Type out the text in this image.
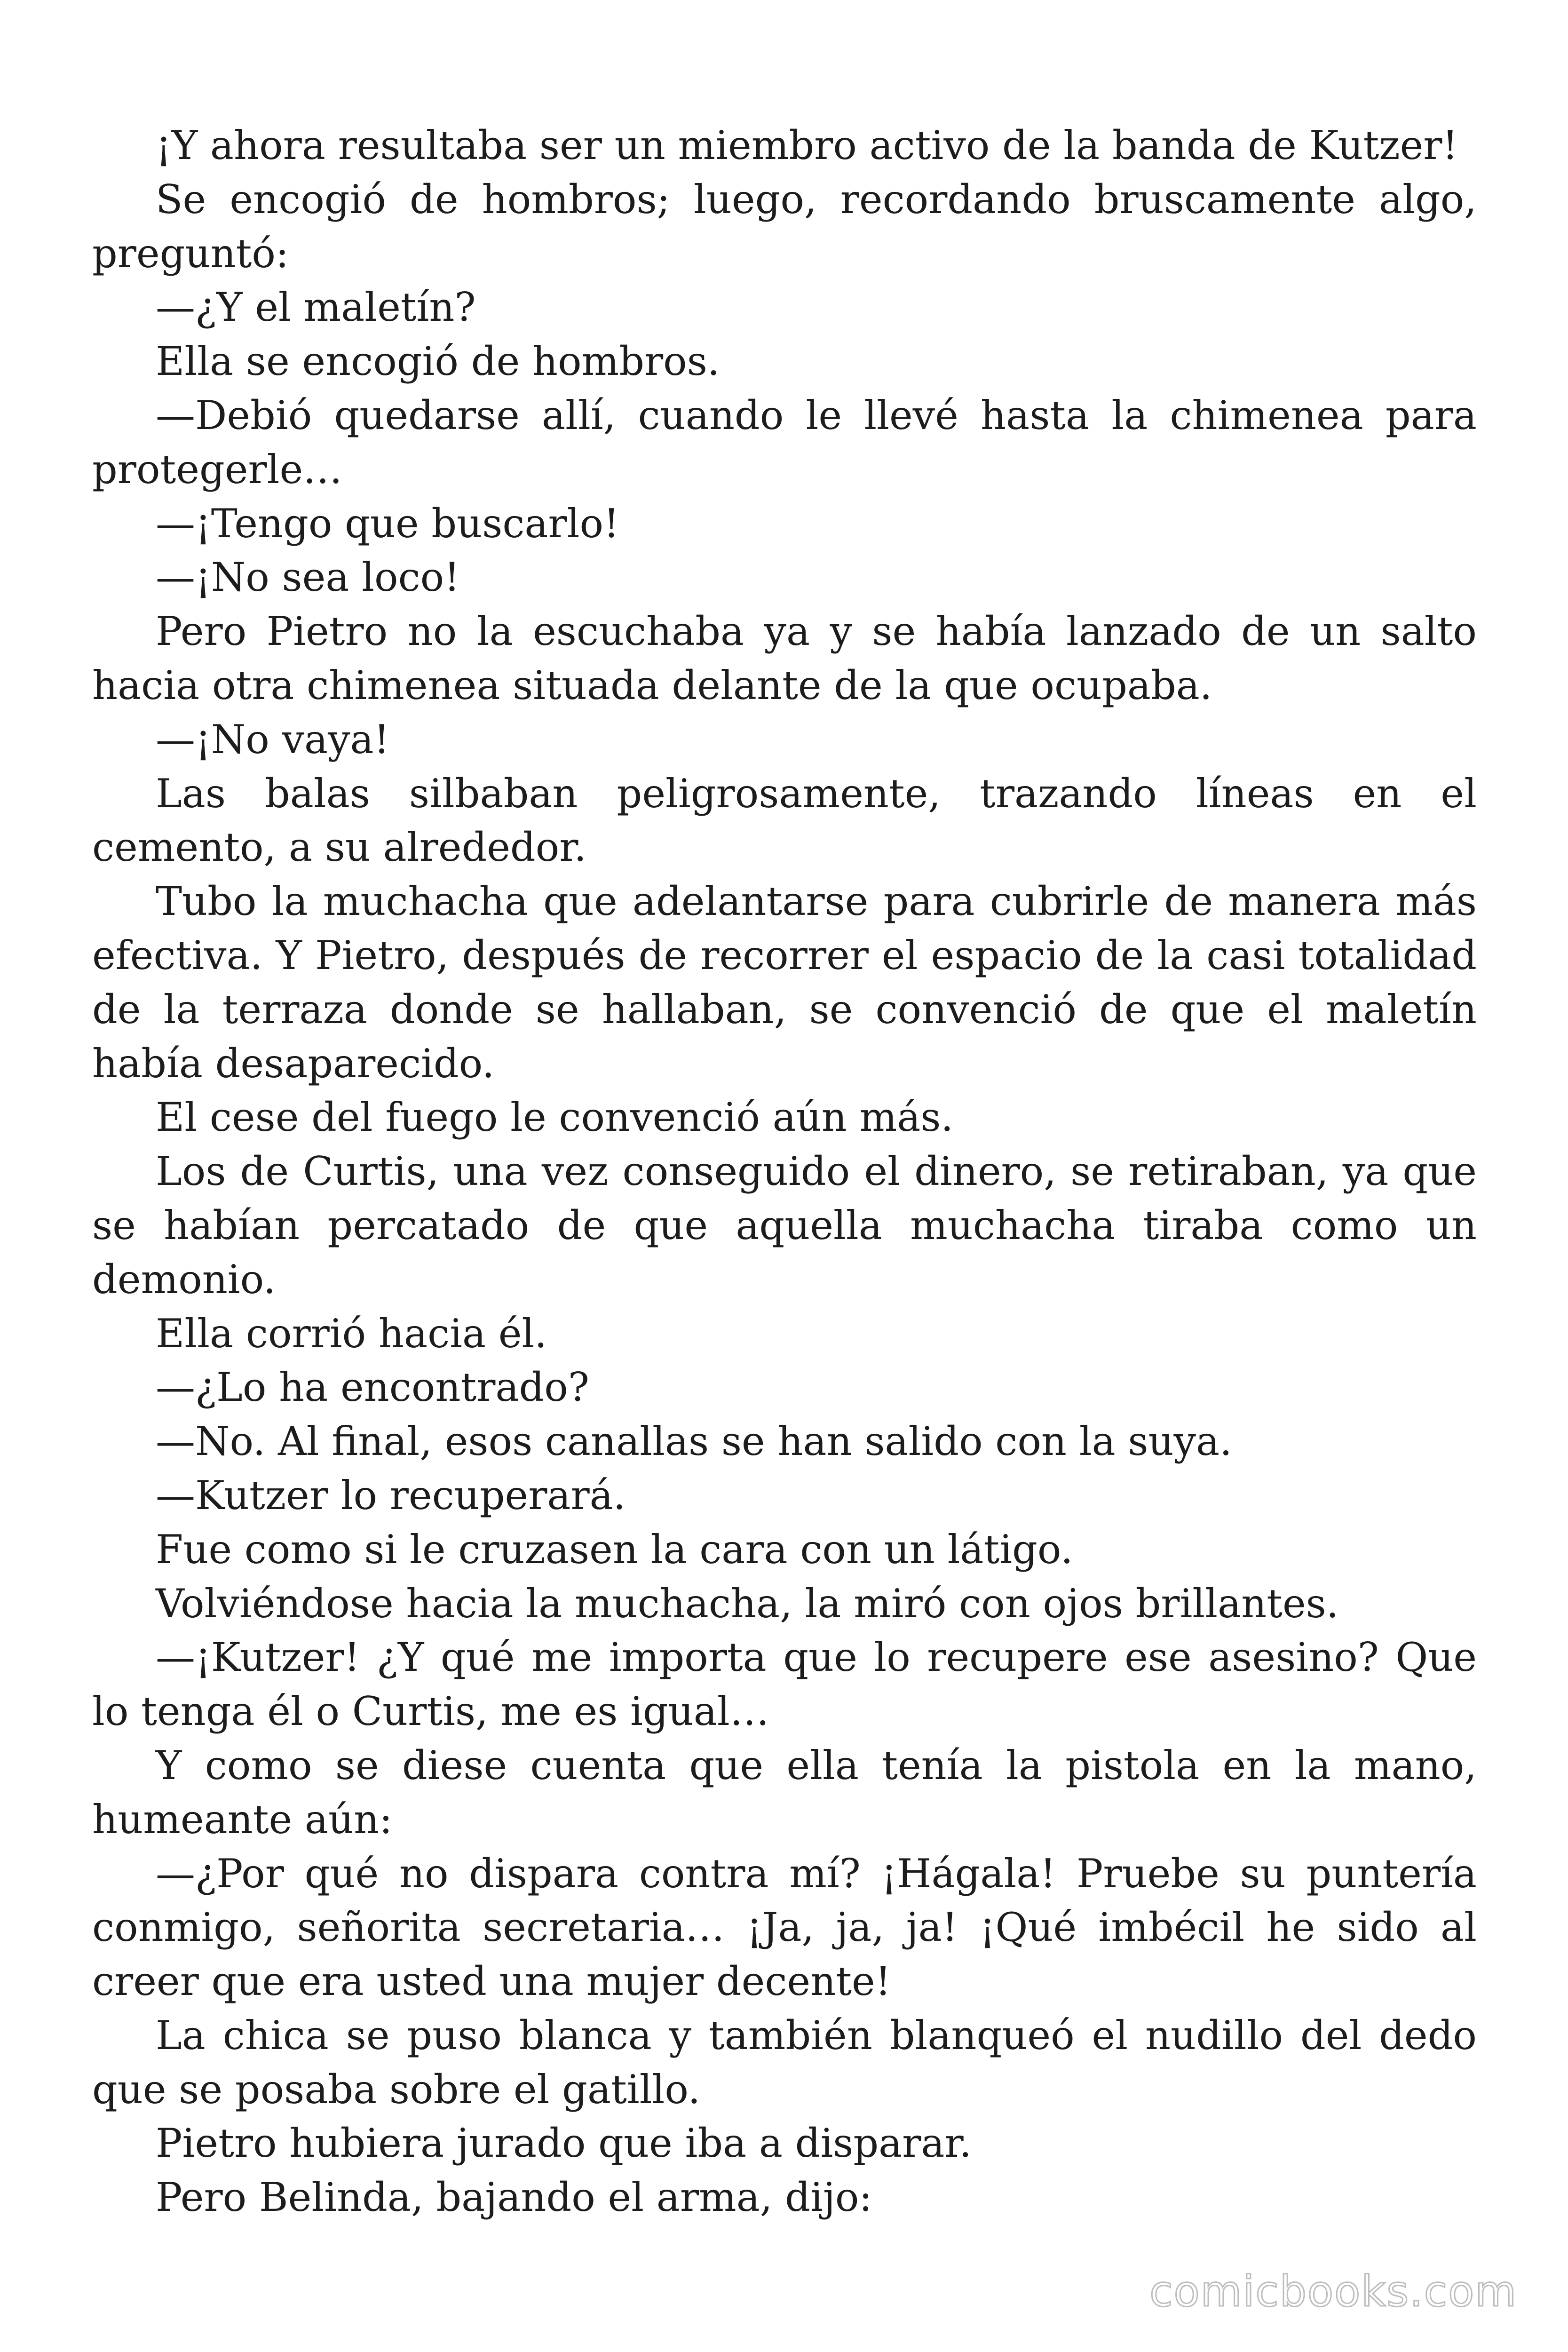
¡Y ahora resultaba ser un miembro activo de la banda de Kutzer!

Se encogió de hombros; luego, recordando bruscamente algo, preguntó:

—¿Y el maletín?

Ella se encogió de hombros.

—Debió quedarse allí, cuando le llevé hasta la chimenea para protegerle…

—¡Tengo que buscarlo!

—¡No sea loco!

Pero Pietro no la escuchaba ya y se había lanzado de un salto hacia otra chimenea situada delante de la que ocupaba.

—¡No vaya!

Las balas silbaban peligrosamente, trazando líneas en el cemento, a su alrededor.

Tubo la muchacha que adelantarse para cubrirle de manera más efectiva. Y Pietro, después de recorrer el espacio de la casi totalidad de la terraza donde se hallaban, se convenció de que el maletín había desaparecido.

El cese del fuego le convenció aún más.

Los de Curtis, una vez conseguido el dinero, se retiraban, ya que se habían percatado de que aquella muchacha tiraba como un demonio.

Ella corrió hacia él.

—¿Lo ha encontrado?

—No. Al final, esos canallas se han salido con la suya.

—Kutzer lo recuperará.

Fue como si le cruzasen la cara con un látigo.

Volviéndose hacia la muchacha, la miró con ojos brillantes.

—¡Kutzer! ¿Y qué me importa que lo recupere ese asesino? Que lo tenga él o Curtis, me es igual…

Y como se diese cuenta que ella tenía la pistola en la mano, humeante aún:

—¿Por qué no dispara contra mí? ¡Hágala! Pruebe su puntería conmigo, señorita secretaria… ¡Ja, ja, ja! ¡Qué imbécil he sido al creer que era usted una mujer decente!

La chica se puso blanca y también blanqueó el nudillo del dedo que se posaba sobre el gatillo.

Pietro hubiera jurado que iba a disparar.

Pero Belinda, bajando el arma, dijo:

comicbooks.com
